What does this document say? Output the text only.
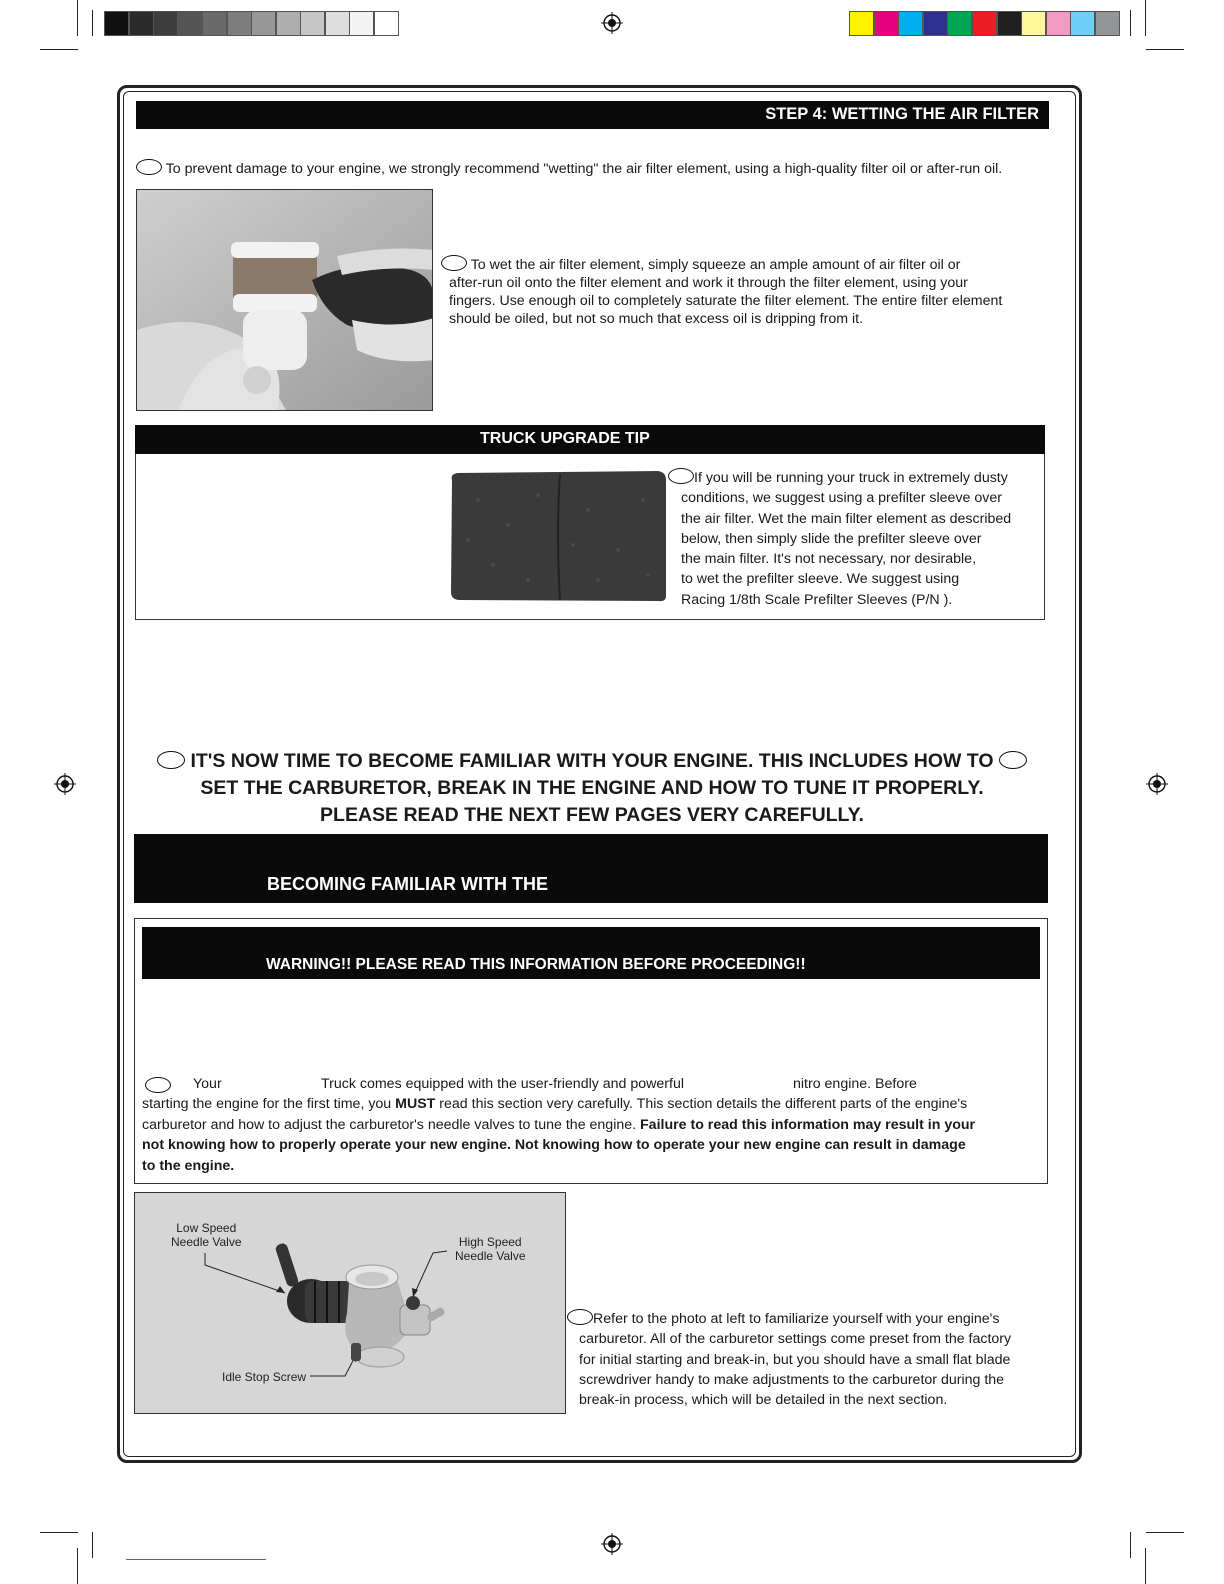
STEP 4: WETTING THE AIR FILTER
To prevent damage to your engine, we strongly recommend "wetting" the air filter element, using a high-quality filter oil or after-run oil.
To wet the air filter element, simply squeeze an ample amount of air filter oil or
after-run oil onto the filter element and work it through the filter element, using your
fingers. Use enough oil to completely saturate the filter element. The entire filter element
should be oiled, but not so much that excess oil is dripping from it.
TRUCK UPGRADE TIP
If you will be running your truck in extremely dusty
conditions, we suggest using a prefilter sleeve over
the air filter. Wet the main filter element as described
below, then simply slide the prefilter sleeve over
the main filter. It's not necessary, nor desirable,
to wet the prefilter sleeve. We suggest using
Racing 1/8th Scale Prefilter Sleeves (P/N ).
IT'S NOW TIME TO BECOME FAMILIAR WITH YOUR ENGINE. THIS INCLUDES HOW TO
SET THE CARBURETOR, BREAK IN THE ENGINE AND HOW TO TUNE IT PROPERLY.
PLEASE READ THE NEXT FEW PAGES VERY CAREFULLY.
BECOMING FAMILIAR WITH THE
WARNING!! PLEASE READ THIS INFORMATION BEFORE PROCEEDING!!
Your	Truck comes equipped with the user-friendly and powerful	nitro engine. Before
starting the engine for the first time, you MUST read this section very carefully. This section details the different parts of the engine's
carburetor and how to adjust the carburetor's needle valves to tune the engine. Failure to read this information may result in your
not knowing how to properly operate your new engine. Not knowing how to operate your new engine can result in damage
to the engine.
Low Speed
Needle Valve	High Speed
Needle Valve
Idle Stop Screw
Refer to the photo at left to familiarize yourself with your engine's
carburetor. All of the carburetor settings come preset from the factory
for initial starting and break-in, but you should have a small flat blade
screwdriver handy to make adjustments to the carburetor during the
break-in process, which will be detailed in the next section.
